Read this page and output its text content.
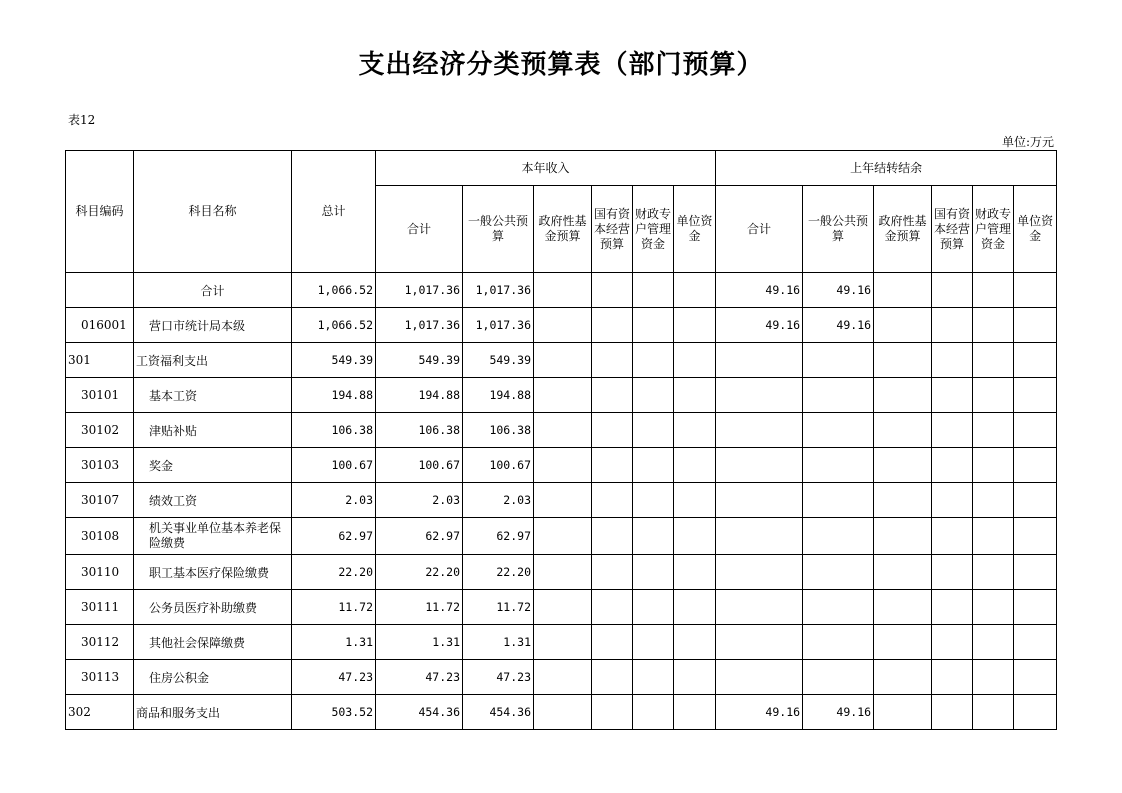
支出经济分类预算表（部门预算）
表12
单位:万元
科目编码	科目名称	总计	本年收入						上年结转结余					
			合计	一般公共预算	政府性基金预算	国有资本经营预算	财政专户管理资金	单位资金	合计	一般公共预算	政府性基金预算	国有资本经营预算	财政专户管理资金	单位资金
	合计	1,066.52	1,017.36	1,017.36					49.16	49.16				
016001	营口市统计局本级	1,066.52	1,017.36	1,017.36					49.16	49.16				
301	工资福利支出	549.39	549.39	549.39										
30101	基本工资	194.88	194.88	194.88										
30102	津贴补贴	106.38	106.38	106.38										
30103	奖金	100.67	100.67	100.67										
30107	绩效工资	2.03	2.03	2.03										
30108	机关事业单位基本养老保险缴费	62.97	62.97	62.97										
30110	职工基本医疗保险缴费	22.20	22.20	22.20										
30111	公务员医疗补助缴费	11.72	11.72	11.72										
30112	其他社会保障缴费	1.31	1.31	1.31										
30113	住房公积金	47.23	47.23	47.23										
302	商品和服务支出	503.52	454.36	454.36					49.16	49.16				
